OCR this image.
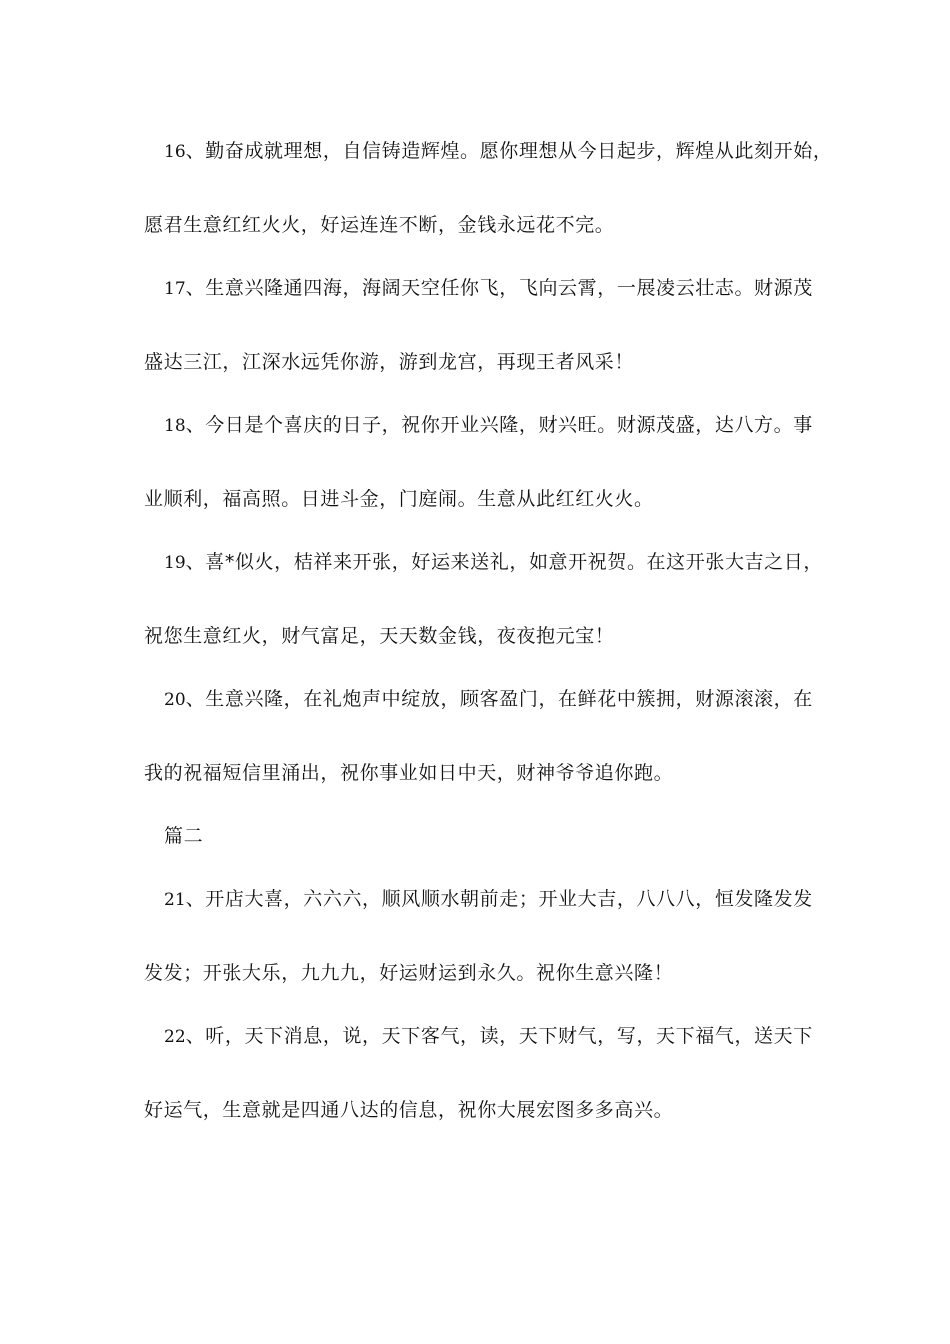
16、勤奋成就理想，自信铸造辉煌。愿你理想从今日起步，辉煌从此刻开始，
愿君生意红红火火，好运连连不断，金钱永远花不完。
17、生意兴隆通四海，海阔天空任你飞，飞向云霄，一展凌云壮志。财源茂
盛达三江，江深水远凭你游，游到龙宫，再现王者风采！
18、今日是个喜庆的日子，祝你开业兴隆，财兴旺。财源茂盛，达八方。事
业顺利，福高照。日进斗金，门庭闹。生意从此红红火火。
19、喜*似火，桔祥来开张，好运来送礼，如意开祝贺。在这开张大吉之日，
祝您生意红火，财气富足，天天数金钱，夜夜抱元宝！
20、生意兴隆，在礼炮声中绽放，顾客盈门，在鲜花中簇拥，财源滚滚，在
我的祝福短信里涌出，祝你事业如日中天，财神爷爷追你跑。
篇二
21、开店大喜，六六六，顺风顺水朝前走；开业大吉，八八八，恒发隆发发
发发；开张大乐，九九九，好运财运到永久。祝你生意兴隆！
22、听，天下消息，说，天下客气，读，天下财气，写，天下福气，送天下
好运气，生意就是四通八达的信息，祝你大展宏图多多高兴。
